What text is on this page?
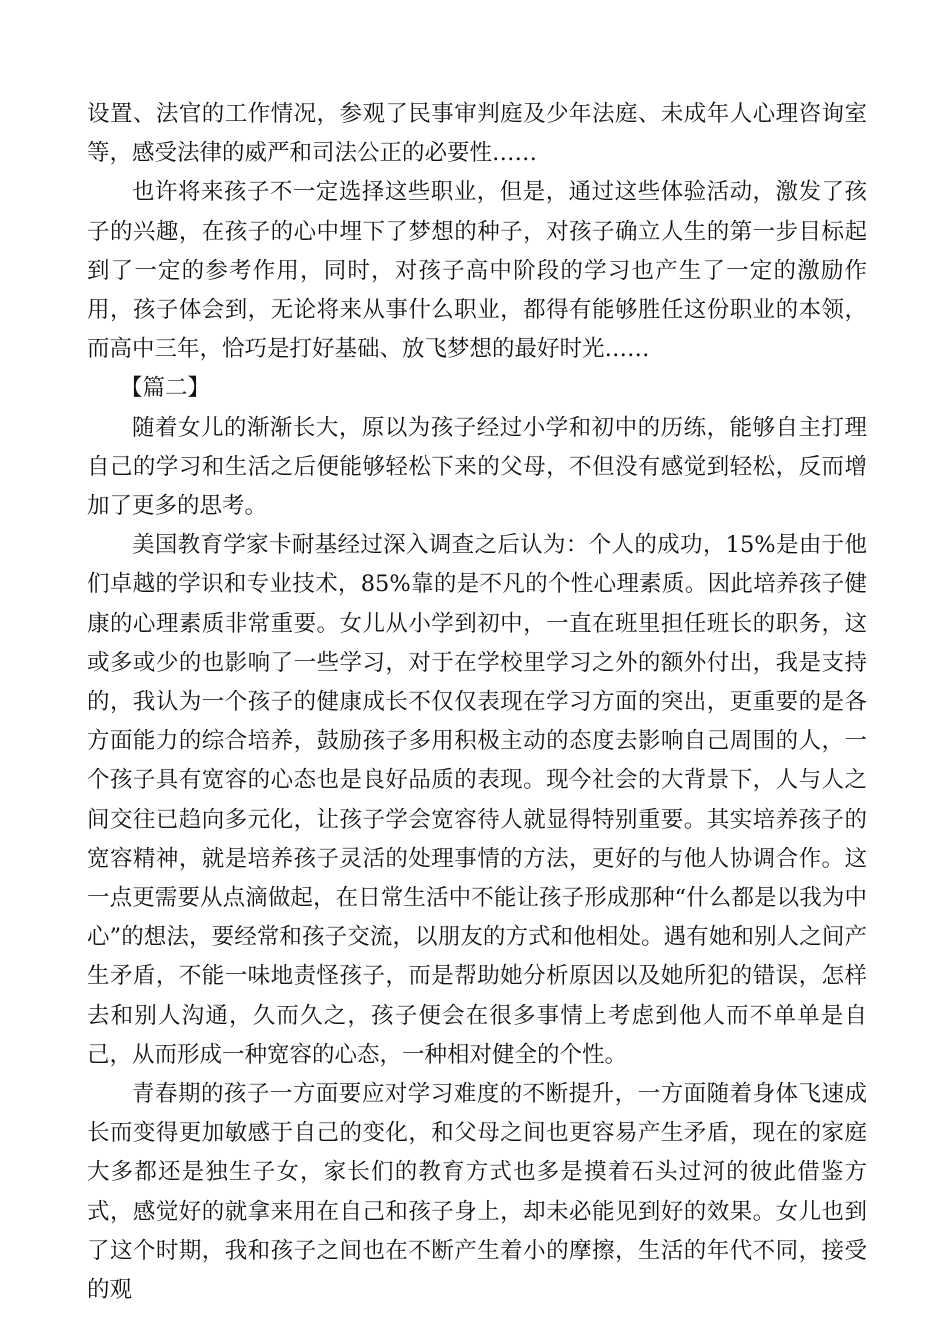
设置、法官的工作情况，参观了民事审判庭及少年法庭、未成年人心理咨询室等，感受法律的威严和司法公正的必要性……

也许将来孩子不一定选择这些职业，但是，通过这些体验活动，激发了孩子的兴趣，在孩子的心中埋下了梦想的种子，对孩子确立人生的第一步目标起到了一定的参考作用，同时，对孩子高中阶段的学习也产生了一定的激励作用，孩子体会到，无论将来从事什么职业，都得有能够胜任这份职业的本领，而高中三年，恰巧是打好基础、放飞梦想的最好时光……

【篇二】

随着女儿的渐渐长大，原以为孩子经过小学和初中的历练，能够自主打理自己的学习和生活之后便能够轻松下来的父母，不但没有感觉到轻松，反而增加了更多的思考。

美国教育学家卡耐基经过深入调查之后认为：个人的成功，15%是由于他们卓越的学识和专业技术，85%靠的是不凡的个性心理素质。因此培养孩子健康的心理素质非常重要。女儿从小学到初中，一直在班里担任班长的职务，这或多或少的也影响了一些学习，对于在学校里学习之外的额外付出，我是支持的，我认为一个孩子的健康成长不仅仅表现在学习方面的突出，更重要的是各方面能力的综合培养，鼓励孩子多用积极主动的态度去影响自己周围的人，一个孩子具有宽容的心态也是良好品质的表现。现今社会的大背景下，人与人之间交往已趋向多元化，让孩子学会宽容待人就显得特别重要。其实培养孩子的宽容精神，就是培养孩子灵活的处理事情的方法，更好的与他人协调合作。这一点更需要从点滴做起，在日常生活中不能让孩子形成那种“什么都是以我为中心”的想法，要经常和孩子交流，以朋友的方式和他相处。遇有她和别人之间产生矛盾，不能一味地责怪孩子，而是帮助她分析原因以及她所犯的错误，怎样去和别人沟通，久而久之，孩子便会在很多事情上考虑到他人而不单单是自己，从而形成一种宽容的心态，一种相对健全的个性。

青春期的孩子一方面要应对学习难度的不断提升，一方面随着身体飞速成长而变得更加敏感于自己的变化，和父母之间也更容易产生矛盾，现在的家庭大多都还是独生子女，家长们的教育方式也多是摸着石头过河的彼此借鉴方式，感觉好的就拿来用在自己和孩子身上，却未必能见到好的效果。女儿也到了这个时期，我和孩子之间也在不断产生着小的摩擦，生活的年代不同，接受的观
